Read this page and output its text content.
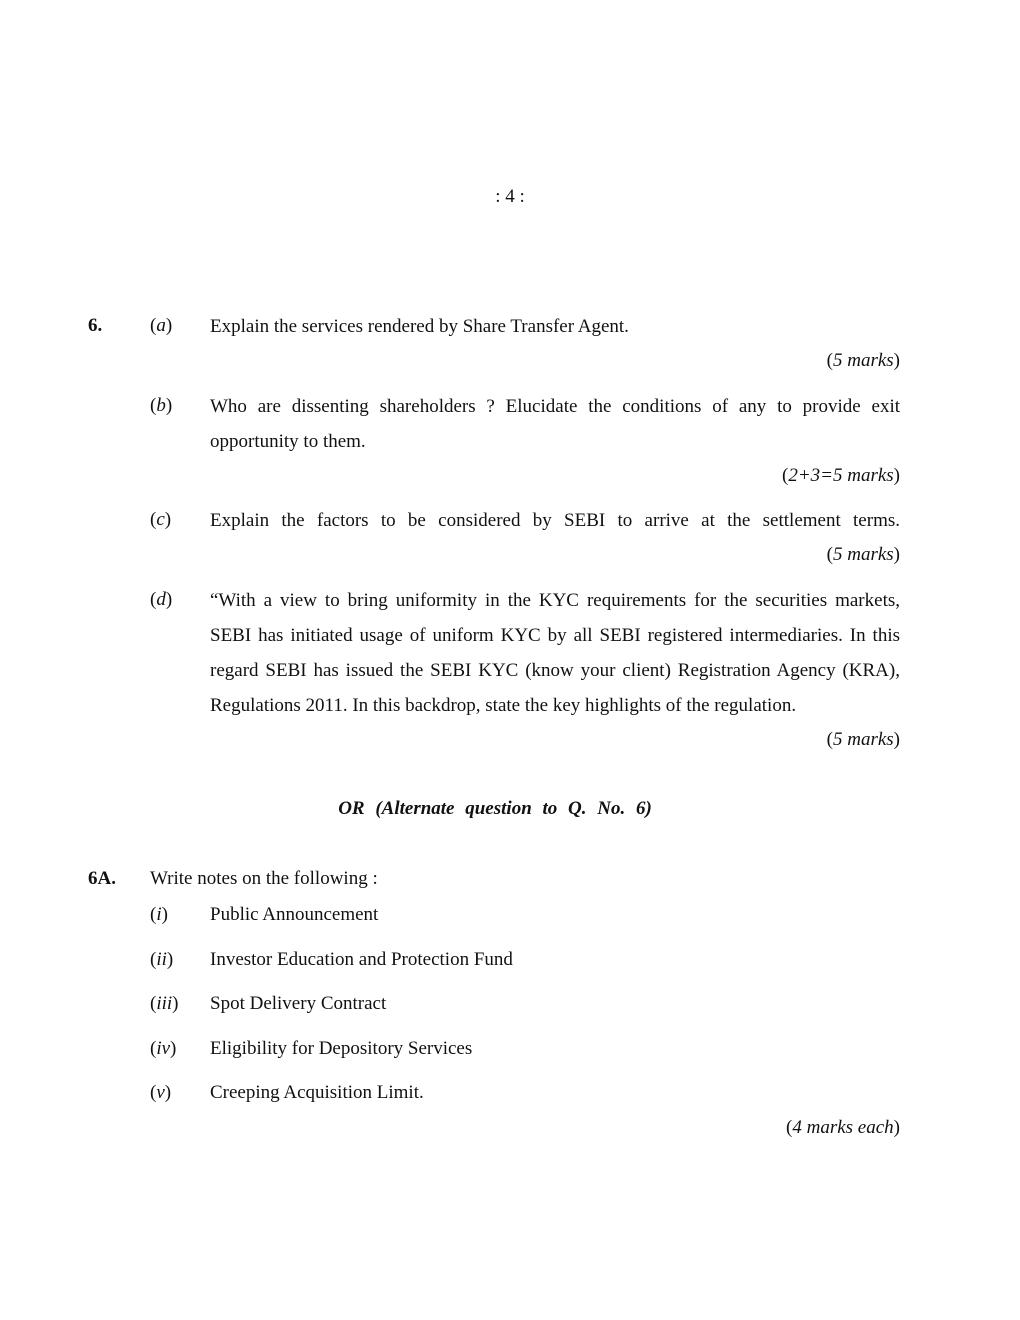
: 4 :
6.	(a) Explain the services rendered by Share Transfer Agent.
(5 marks)
(b) Who are dissenting shareholders ? Elucidate the conditions of any to provide exit opportunity to them.
(2+3=5 marks)
(c) Explain the factors to be considered by SEBI to arrive at the settlement terms.
(5 marks)
(d) “With a view to bring uniformity in the KYC requirements for the securities markets, SEBI has initiated usage of uniform KYC by all SEBI registered intermediaries. In this regard SEBI has issued the SEBI KYC (know your client) Registration Agency (KRA), Regulations 2011. In this backdrop, state the key highlights of the regulation.
(5 marks)
OR (Alternate question to Q. No. 6)
6A. Write notes on the following :
(i) Public Announcement
(ii) Investor Education and Protection Fund
(iii) Spot Delivery Contract
(iv) Eligibility for Depository Services
(v) Creeping Acquisition Limit.
(4 marks each)
